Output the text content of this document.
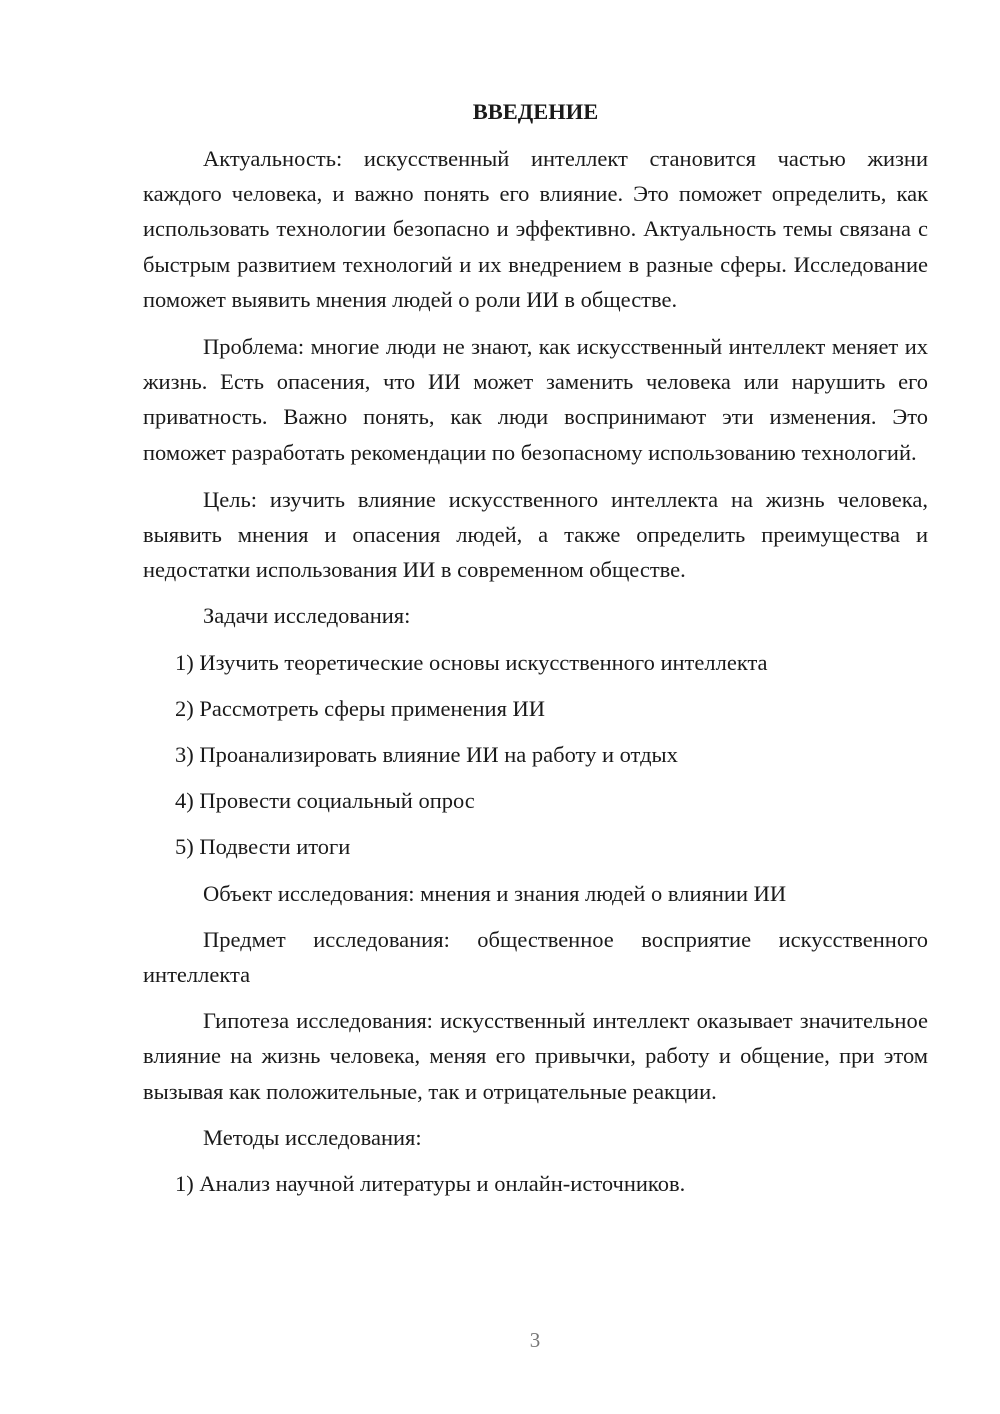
ВВЕДЕНИЕ

Актуальность: искусственный интеллект становится частью жизни каждого человека, и важно понять его влияние. Это поможет определить, как использовать технологии безопасно и эффективно. Актуальность темы связана с быстрым развитием технологий и их внедрением в разные сферы. Исследование поможет выявить мнения людей о роли ИИ в обществе.

Проблема: многие люди не знают, как искусственный интеллект меняет их жизнь. Есть опасения, что ИИ может заменить человека или нарушить его приватность. Важно понять, как люди воспринимают эти изменения. Это поможет разработать рекомендации по безопасному использованию технологий.

Цель: изучить влияние искусственного интеллекта на жизнь человека, выявить мнения и опасения людей, а также определить преимущества и недостатки использования ИИ в современном обществе.

Задачи исследования:

1) Изучить теоретические основы искусственного интеллекта

2) Рассмотреть сферы применения ИИ

3) Проанализировать влияние ИИ на работу и отдых

4) Провести социальный опрос

5) Подвести итоги

Объект исследования: мнения и знания людей о влиянии ИИ

Предмет исследования: общественное восприятие искусственного интеллекта

Гипотеза исследования: искусственный интеллект оказывает значительное влияние на жизнь человека, меняя его привычки, работу и общение, при этом вызывая как положительные, так и отрицательные реакции.

Методы исследования:

1) Анализ научной литературы и онлайн-источников.

3
